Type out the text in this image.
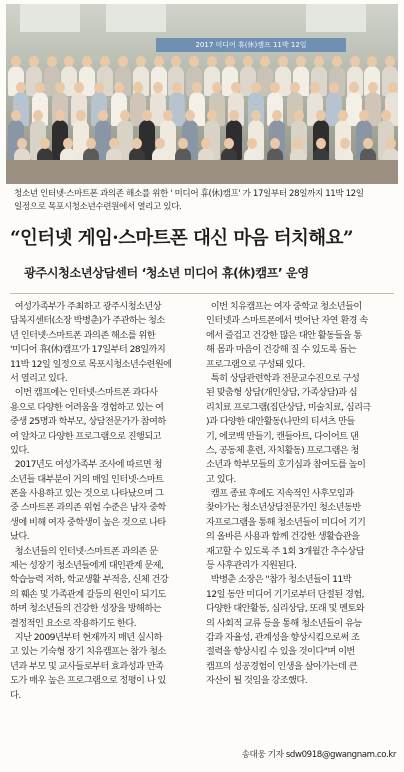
2017 미디어 휴(休)캠프 11박 12일
청소년 인터넷·스마트폰 과의존 해소를 위한 ' 미디어 휴(休)캠프' 가 17일부터 28일까지 11박 12일
일정으로 목포시청소년수련원에서 열리고 있다.
“인터넷 게임·스마트폰 대신 마음 터치해요”
광주시청소년상담센터 ‘청소년 미디어 휴(休)캠프’ 운영
여성가족부가 주최하고 광주시청소년상
담복지센터(소장 박병춘)가 주관하는 청소
년 인터넷·스마트폰 과의존 해소를 위한
'미디어 휴(休)캠프'가 17일부터 28일까지
11박 12일 일정으로 목포시청소년수련원에
서 열리고 있다.
이번 캠프에는 인터넷·스마트폰 과다사
용으로 다양한 어려움을 경험하고 있는 여
중생 25명과 학부모, 상담전문가가 참여하
여 알차고 다양한 프로그램으로 진행되고
있다.
2017년도 여성가족부 조사에 따르면 청
소년들 대부분이 거의 매일 인터넷·스마트
폰을 사용하고 있는 것으로 나타났으며 그
중 스마트폰 과의존 위험 수준은 남자 중학
생에 비해 여자 중학생이 높은 것으로 나타
났다.
청소년들의 인터넷·스마트폰 과의존 문
제는 성장기 청소년들에게 대인관계 문제,
학습능력 저하, 학교생활 부적응, 신체 건강
의 훼손 및 가족관계 갈등의 원인이 되기도
하며 청소년들의 건강한 성장을 방해하는
결정적인 요소로 작용하기도 한다.
지난 2009년부터 현재까지 매년 실시하
고 있는 기숙형 장기 치유캠프는 참가 청소
년과 부모 및 교사들로부터 효과성과 만족
도가 매우 높은 프로그램으로 정평이 나 있
다.
이번 치유캠프는 여자 중학교 청소년들이
인터넷과 스마트폰에서 벗어난 자연 환경 속
에서 즐겁고 건강한 많은 대안 활동들을 통
해 몸과 마음이 건강해 질 수 있도록 돕는
프로그램으로 구성돼 있다.
특히 상담관련학과 전문교수진으로 구성
된 맞춤형 상담(개인상담, 가족상담)과 심
리치료 프로그램(집단상담, 미술치료, 심리극
)과 다양한 대안활동(나만의 티셔츠 만들
기, 에코백 만들기, 캔들아트, 다이어트 댄
스, 공동체 훈련, 자치활동) 프로그램은 청
소년과 학부모들의 호기심과 참여도를 높이
고 있다.
캠프 종료 후에도 지속적인 사후모임과
찾아가는 청소년상담전문가인 청소년동반
자프로그램을 통해 청소년들이 미디어 기기
의 올바른 사용과 함께 건강한 생활습관을
재고할 수 있도록 주 1회 3개월간 추수상담
등 사후관리가 지원된다.
박병춘 소장은 "참가 청소년들이 11박
12일 동안 미디어 기기로부터 단절된 경험,
다양한 대안활동, 심리상담, 또래 및 멘토와
의 사회적 교류 등을 통해 청소년들이 유능
감과 자율성, 관계성을 향상시킴으로써 조
절력을 향상시킬 수 있을 것이다"며 이번
캠프의 성공경험이 인생을 살아가는데 큰
자산이 될 것임을 강조했다.
송대웅 기자 sdw0918@gwangnam.co.kr
